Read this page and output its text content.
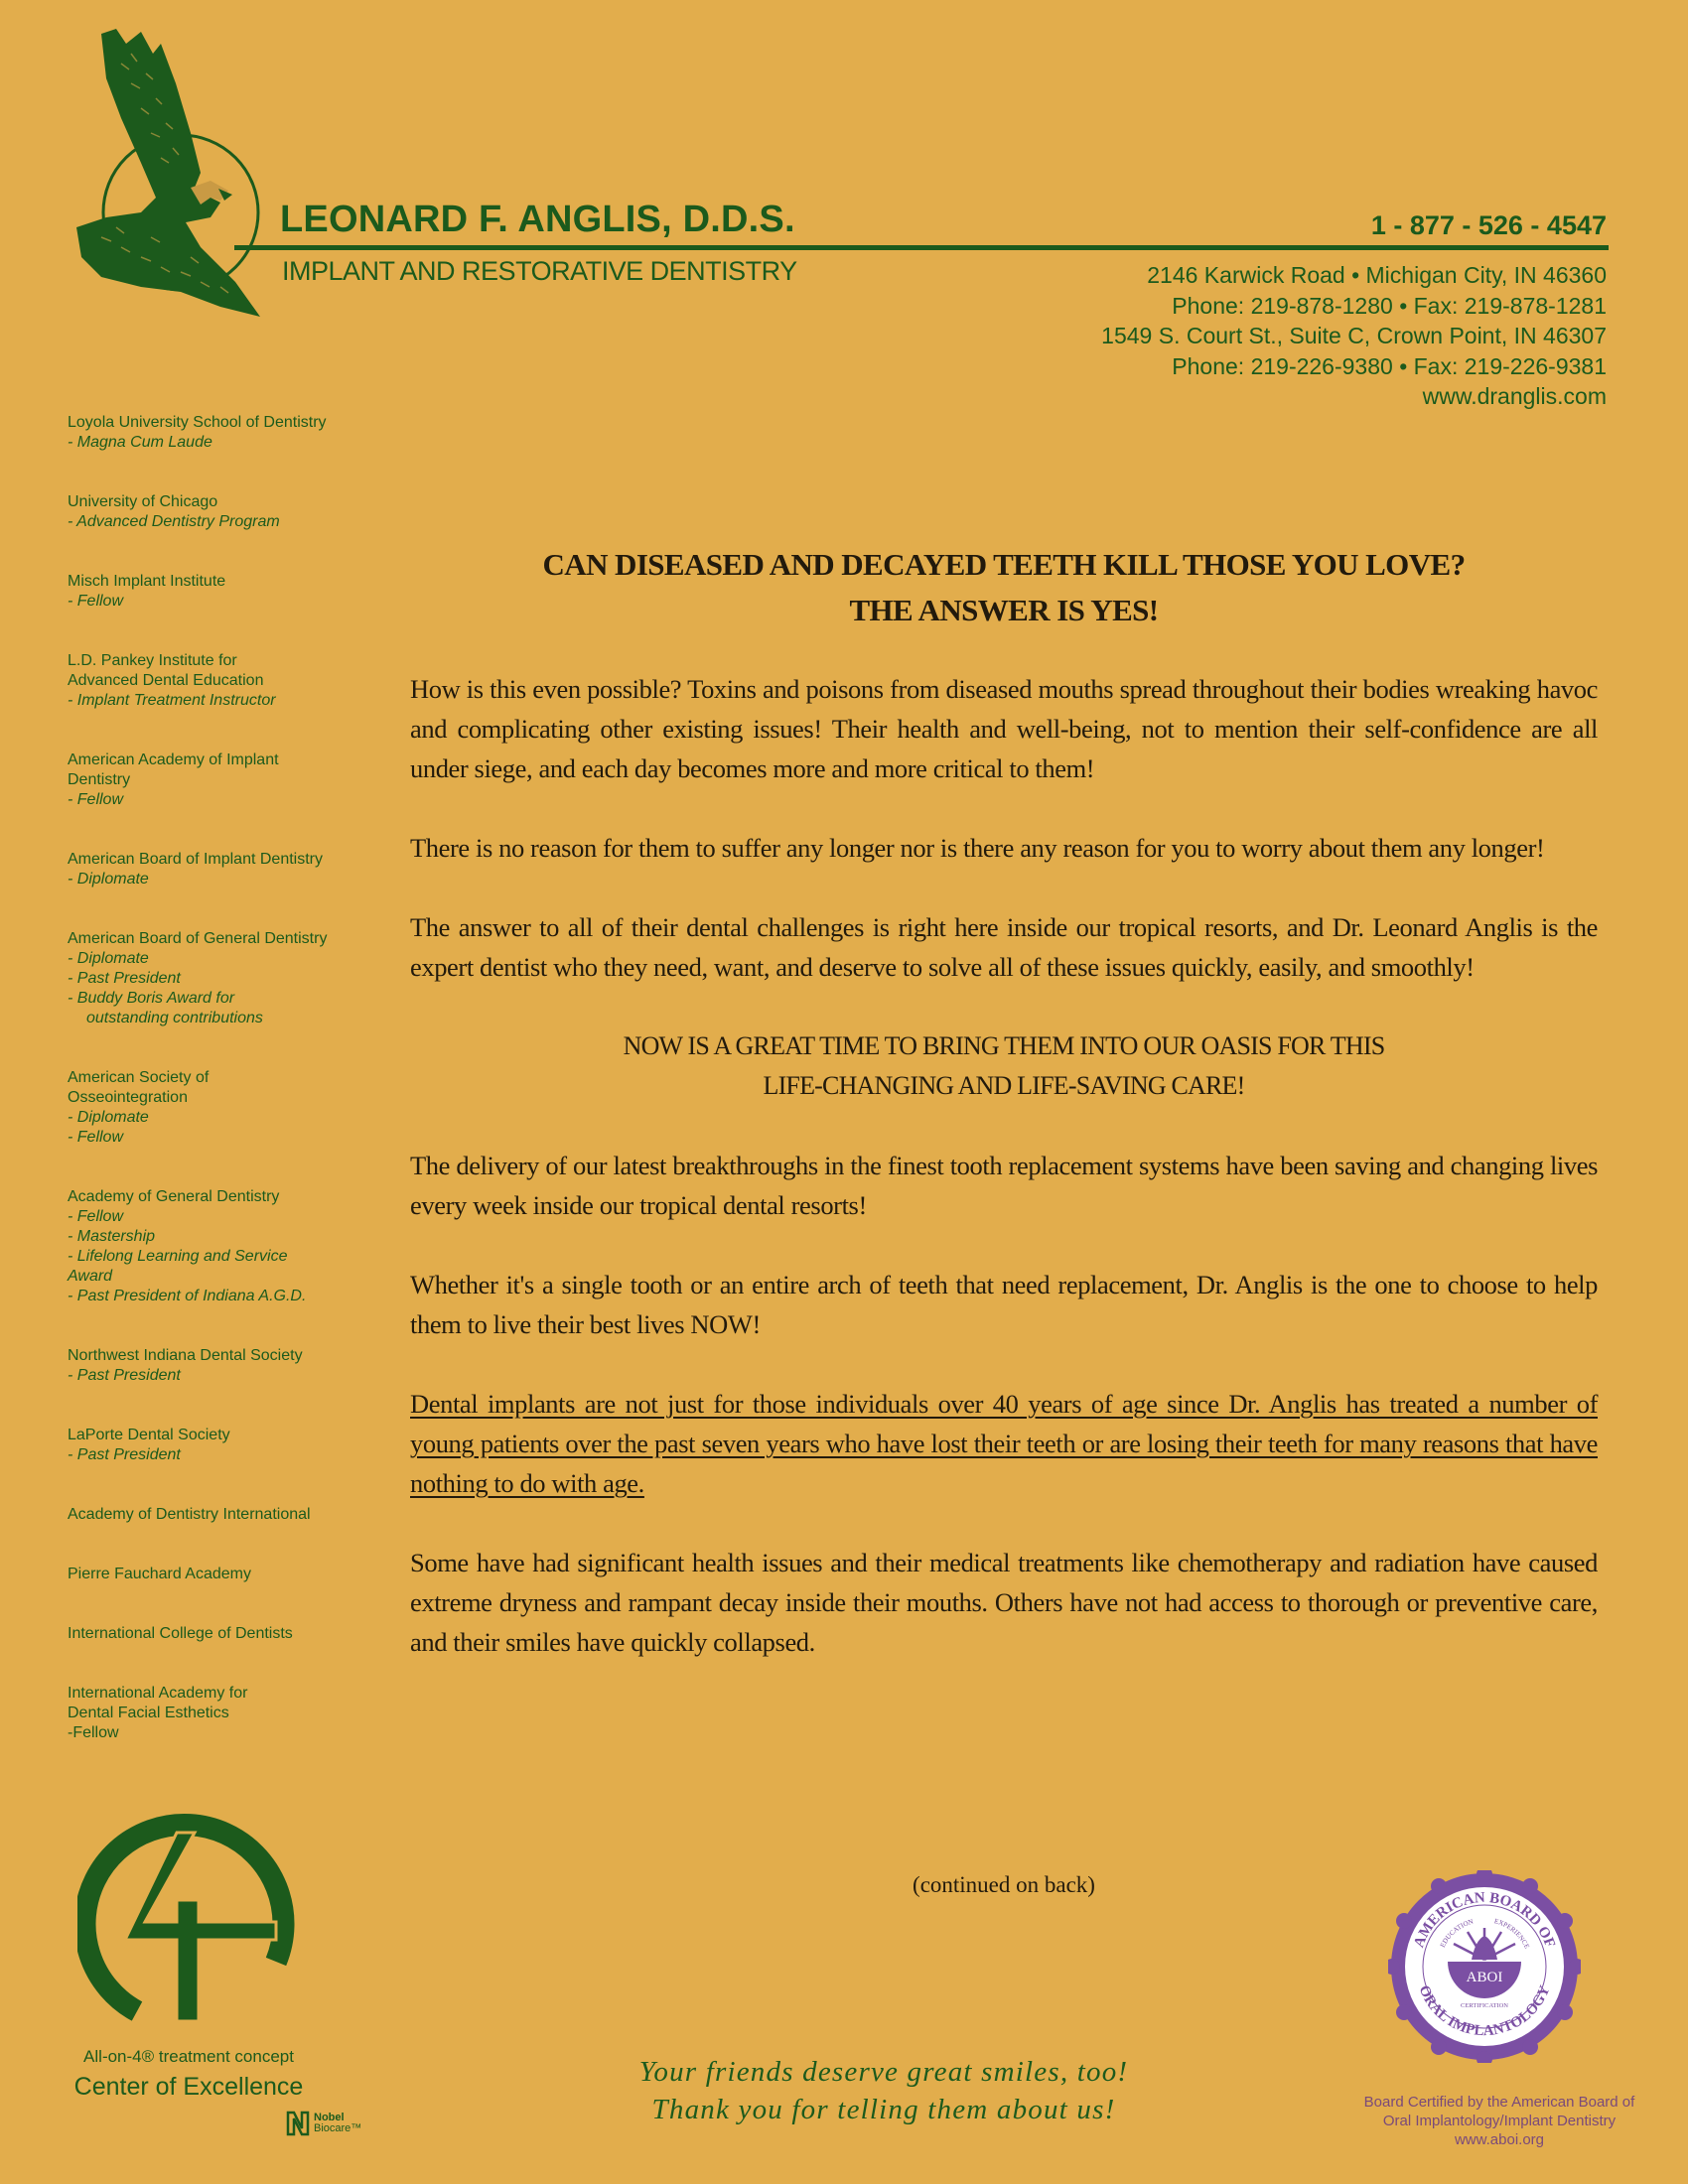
LEONARD F. ANGLIS, D.D.S.
IMPLANT AND RESTORATIVE DENTISTRY
1 - 877 - 526 - 4547
2146 Karwick Road • Michigan City, IN 46360
Phone: 219-878-1280 • Fax: 219-878-1281
1549 S. Court St., Suite C, Crown Point, IN 46307
Phone: 219-226-9380 • Fax: 219-226-9381
www.dranglis.com
Loyola University School of Dentistry
- Magna Cum Laude
University of Chicago
- Advanced Dentistry Program
Misch Implant Institute
- Fellow
L.D. Pankey Institute for
Advanced Dental Education
- Implant Treatment Instructor
American Academy of Implant
Dentistry
- Fellow
American Board of Implant Dentistry
- Diplomate
American Board of General Dentistry
- Diplomate
- Past President
- Buddy Boris Award for
outstanding contributions
American Society of
Osseointegration
- Diplomate
- Fellow
Academy of General Dentistry
- Fellow
- Mastership
- Lifelong Learning and Service
Award
- Past President of Indiana A.G.D.
Northwest Indiana Dental Society
- Past President
LaPorte Dental Society
- Past President
Academy of Dentistry International
Pierre Fauchard Academy
International College of Dentists
International Academy for
Dental Facial Esthetics
-Fellow
CAN DISEASED AND DECAYED TEETH KILL THOSE YOU LOVE?
THE ANSWER IS YES!

How is this even possible? Toxins and poisons from diseased mouths spread throughout their bodies wreaking havoc and complicating other existing issues! Their health and well-being, not to mention their self-confidence are all under siege, and each day becomes more and more critical to them!

There is no reason for them to suffer any longer nor is there any reason for you to worry about them any longer!

The answer to all of their dental challenges is right here inside our tropical resorts, and Dr. Leonard Anglis is the expert dentist who they need, want, and deserve to solve all of these issues quickly, easily, and smoothly!

NOW IS A GREAT TIME TO BRING THEM INTO OUR OASIS FOR THIS
LIFE-CHANGING AND LIFE-SAVING CARE!

The delivery of our latest breakthroughs in the finest tooth replacement systems have been saving and changing lives every week inside our tropical dental resorts!

Whether it's a single tooth or an entire arch of teeth that need replacement, Dr. Anglis is the one to choose to help them to live their best lives NOW!

Dental implants are not just for those individuals over 40 years of age since Dr. Anglis has treated a number of young patients over the past seven years who have lost their teeth or are losing their teeth for many reasons that have nothing to do with age.

Some have had significant health issues and their medical treatments like chemotherapy and radiation have caused extreme dryness and rampant decay inside their mouths. Others have not had access to thorough or preventive care, and their smiles have quickly collapsed.

(continued on back)
All-on-4® treatment concept
Center of Excellence
Nobel
Biocare™
Your friends deserve great smiles, too!
Thank you for telling them about us!
AMERICAN BOARD OF
ORAL IMPLANTOLOGY
EDUCATION	EXPERIENCE
ABOI
CERTIFICATION
Board Certified by the American Board of
Oral Implantology/Implant Dentistry
www.aboi.org
